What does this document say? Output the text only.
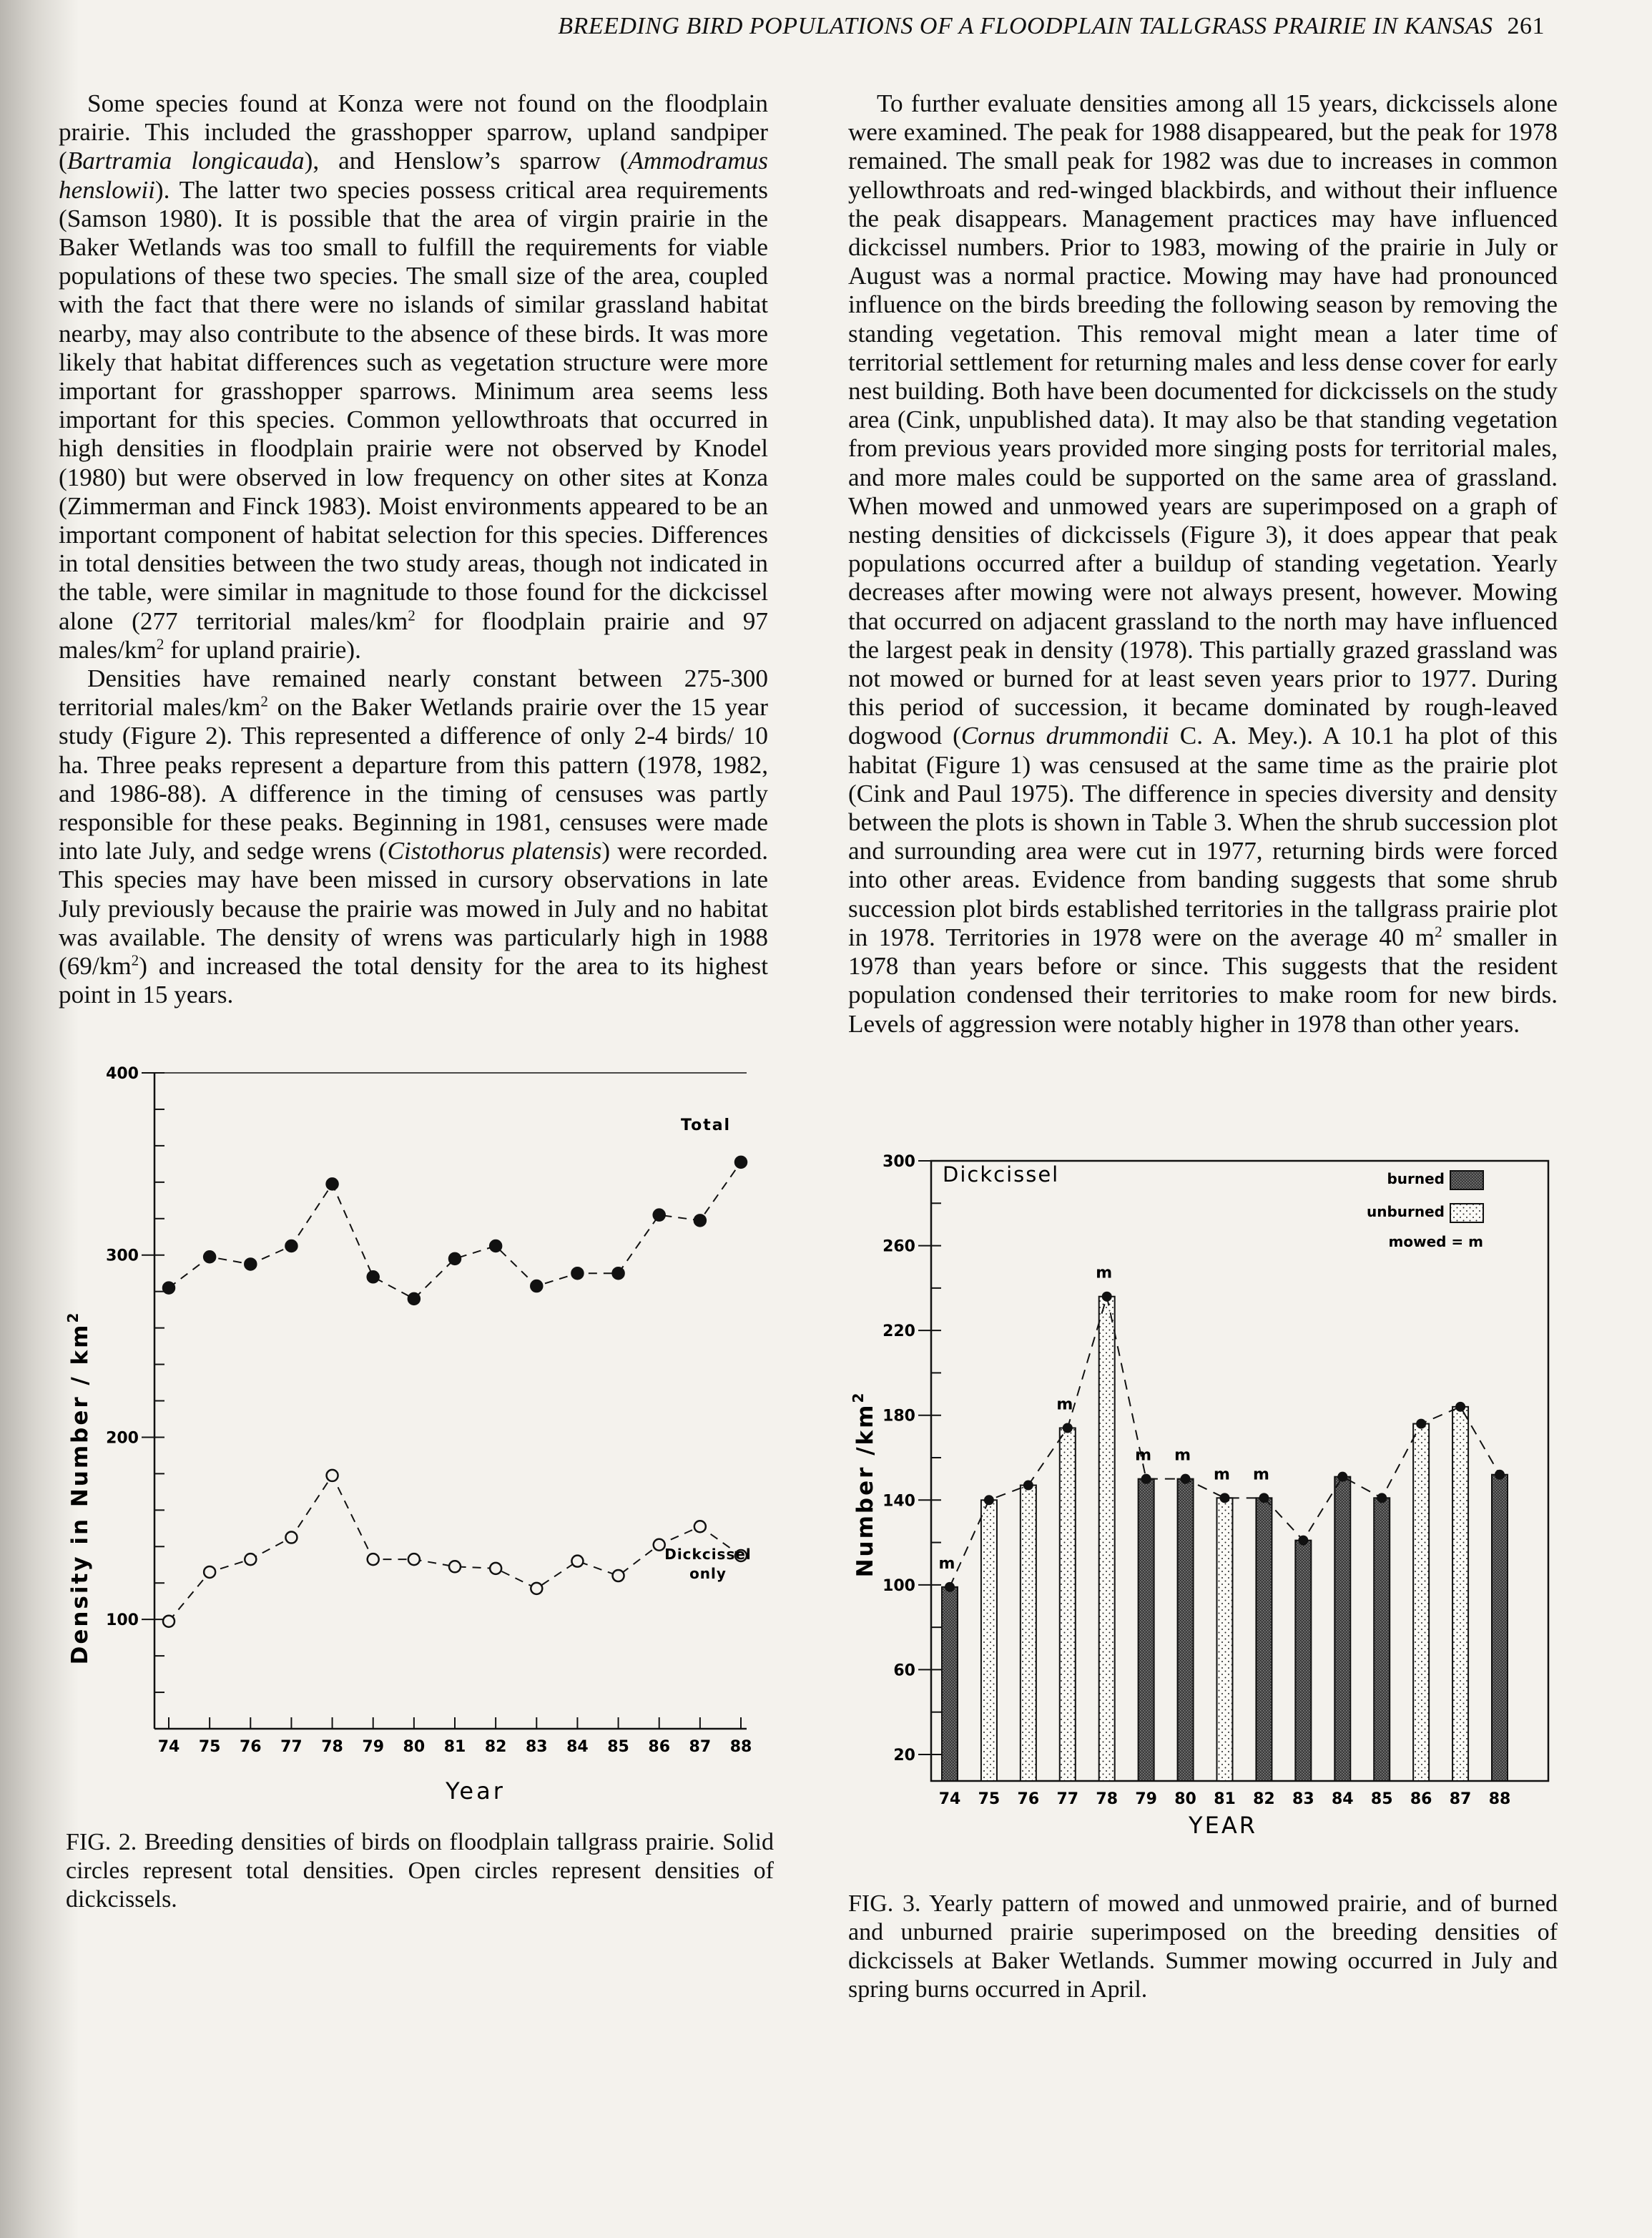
BREEDING BIRD POPULATIONS OF A FLOODPLAIN TALLGRASS PRAIRIE IN KANSAS 261

Some species found at Konza were not found on the floodplain prairie. This included the grasshopper sparrow, upland sandpiper (Bartramia longicauda), and Henslow’s sparrow (Ammodramus henslowii). The latter two species possess critical area requirements (Samson 1980). It is possible that the area of virgin prairie in the Baker Wetlands was too small to fulfill the requirements for viable populations of these two species. The small size of the area, coupled with the fact that there were no islands of similar grassland habitat nearby, may also contribute to the absence of these birds. It was more likely that habitat differences such as vegetation structure were more important for grasshopper sparrows. Minimum area seems less important for this species. Common yellowthroats that occurred in high densities in floodplain prairie were not observed by Knodel (1980) but were observed in low frequency on other sites at Konza (Zimmerman and Finck 1983). Moist environments appeared to be an important component of habitat selection for this species. Differences in total densities between the two study areas, though not indicated in the table, were similar in magnitude to those found for the dickcissel alone (277 territorial males/$km^2$ for floodplain prairie and 97 males/$km^2$ for upland prairie).

Densities have remained nearly constant between 275-300 territorial males/$km^2$ on the Baker Wetlands prairie over the 15 year study (Figure 2). This represented a difference of only 2-4 birds/ 10 ha. Three peaks represent a departure from this pattern (1978, 1982, and 1986-88). A difference in the timing of censuses was partly responsible for these peaks. Beginning in 1981, censuses were made into late July, and sedge wrens (Cistothorus platensis) were recorded. This species may have been missed in cursory observations in late July previously because the prairie was mowed in July and no habitat was available. The density of wrens was particularly high in 1988 $(69/km^2)$ and increased the total density for the area to its highest point in 15 years.

To further evaluate densities among all 15 years, dickcissels alone were examined. The peak for 1988 disappeared, but the peak for 1978 remained. The small peak for 1982 was due to increases in common yellowthroats and red-winged blackbirds, and without their influence the peak disappears. Management practices may have influenced dickcissel numbers. Prior to 1983, mowing of the prairie in July or August was a normal practice. Mowing may have had pronounced influence on the birds breeding the following season by removing the standing vegetation. This removal might mean a later time of territorial settlement for returning males and less dense cover for early nest building. Both have been documented for dickcissels on the study area (Cink, unpublished data). It may also be that standing vegetation from previous years provided more singing posts for territorial males, and more males could be supported on the same area of grassland. When mowed and unmowed years are superimposed on a graph of nesting densities of dickcissels (Figure 3), it does appear that peak populations occurred after a buildup of standing vegetation. Yearly decreases after mowing were not always present, however. Mowing that occurred on adjacent grassland to the north may have influenced the largest peak in density (1978). This partially grazed grassland was not mowed or burned for at least seven years prior to 1977. During this period of succession, it became dominated by rough-leaved dogwood (Cornus drummondii C. A. Mey.). A 10.1 ha plot of this habitat (Figure 1) was censused at the same time as the prairie plot (Cink and Paul 1975). The difference in species diversity and density between the plots is shown in Table 3. When the shrub succession plot and surrounding area were cut in 1977, returning birds were forced into other areas. Evidence from banding suggests that some shrub succession plot birds established territories in the tallgrass prairie plot in 1978. Territories in 1978 were on the average 40 $m^2$ smaller in 1978 than years before or since. This suggests that the resident population condensed their territories to make room for new birds. Levels of aggression were notably higher in 1978 than other years.

100
200
300
400
74 75 76 77 78 79 80 81 82 83 84 85 86 87 88
Total
Dickcissel
only
Year
Density in Number / $km^2$
20
60
100
140
180
220
260
300
74 75 76 77 78 79 80 81 82 83 84 85 86 87 88
m
m
m
m m
m m
Dickcissel	burned
unburned
mowed = m
YEAR
Number $/km^2$
FIG. 2. Breeding densities of birds on floodplain tallgrass prairie. Solid circles represent total densities. Open circles represent densities of dickcissels.	FIG. 3. Yearly pattern of mowed and unmowed prairie, and of burned and unburned prairie superimposed on the breeding densities of dickcissels at Baker Wetlands. Summer mowing occurred in July and spring burns occurred in April.
